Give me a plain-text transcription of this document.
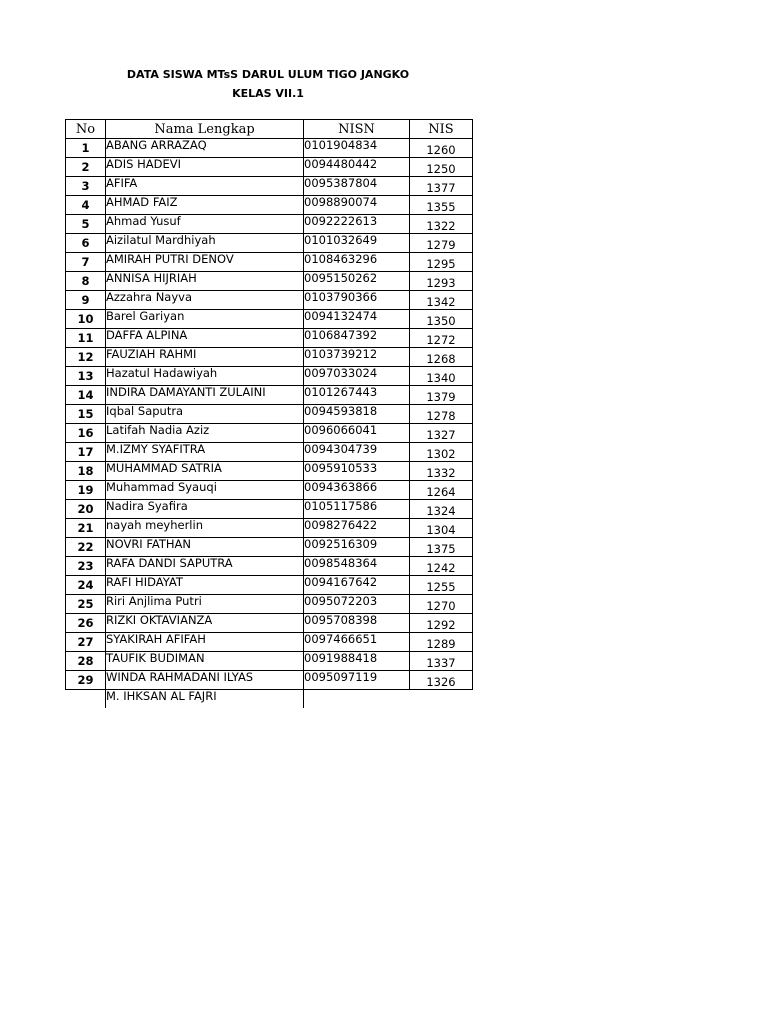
DATA SISWA MTsS DARUL ULUM TIGO JANGKO
KELAS VII.1
No	Nama Lengkap	NISN	NIS
1	ABANG ARRAZAQ	0101904834	1260
2	ADIS HADEVI	0094480442	1250
3	AFIFA	0095387804	1377
4	AHMAD FAIZ	0098890074	1355
5	Ahmad Yusuf	0092222613	1322
6	Aizilatul Mardhiyah	0101032649	1279
7	AMIRAH PUTRI DENOV	0108463296	1295
8	ANNISA HIJRIAH	0095150262	1293
9	Azzahra Nayva	0103790366	1342
10	Barel Gariyan	0094132474	1350
11	DAFFA ALPINA	0106847392	1272
12	FAUZIAH RAHMI	0103739212	1268
13	Hazatul Hadawiyah	0097033024	1340
14	INDIRA DAMAYANTI ZULAINI	0101267443	1379
15	Iqbal Saputra	0094593818	1278
16	Latifah Nadia Aziz	0096066041	1327
17	M.IZMY SYAFITRA	0094304739	1302
18	MUHAMMAD SATRIA	0095910533	1332
19	Muhammad Syauqi	0094363866	1264
20	Nadira Syafira	0105117586	1324
21	nayah meyherlin	0098276422	1304
22	NOVRI FATHAN	0092516309	1375
23	RAFA DANDI SAPUTRA	0098548364	1242
24	RAFI HIDAYAT	0094167642	1255
25	Riri Anjlima Putri	0095072203	1270
26	RIZKI OKTAVIANZA	0095708398	1292
27	SYAKIRAH AFIFAH	0097466651	1289
28	TAUFIK BUDIMAN	0091988418	1337
29	WINDA RAHMADANI ILYAS	0095097119	1326
	M. IHKSAN AL FAJRI		
